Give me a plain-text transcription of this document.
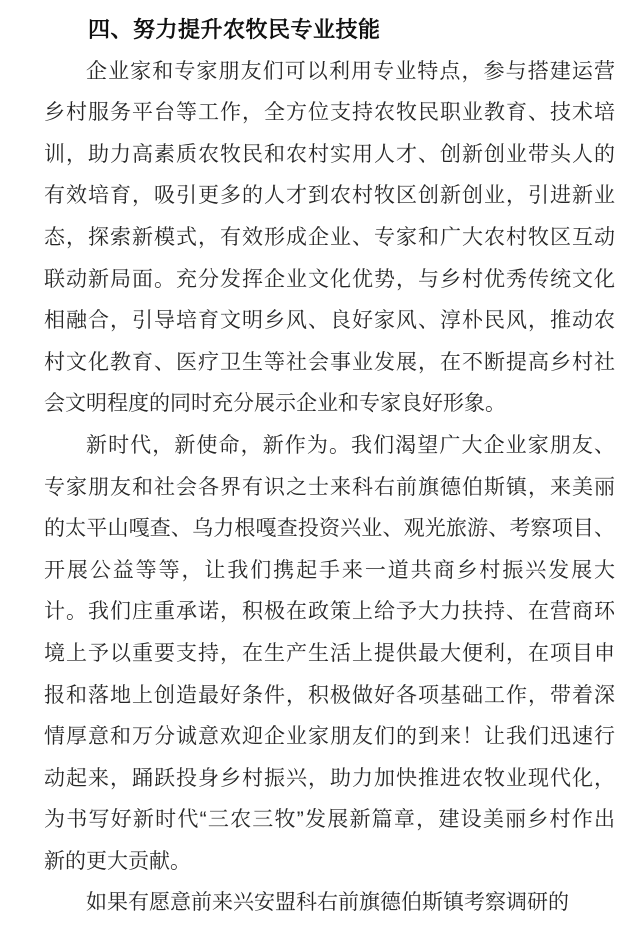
四、努力提升农牧民专业技能
企业家和专家朋友们可以利用专业特点，参与搭建运营
乡村服务平台等工作，全方位支持农牧民职业教育、技术培
训，助力高素质农牧民和农村实用人才、创新创业带头人的
有效培育，吸引更多的人才到农村牧区创新创业，引进新业
态，探索新模式，有效形成企业、专家和广大农村牧区互动
联动新局面。充分发挥企业文化优势，与乡村优秀传统文化
相融合，引导培育文明乡风、良好家风、淳朴民风，推动农
村文化教育、医疗卫生等社会事业发展，在不断提高乡村社
会文明程度的同时充分展示企业和专家良好形象。
新时代，新使命，新作为。我们渴望广大企业家朋友、
专家朋友和社会各界有识之士来科右前旗德伯斯镇，来美丽
的太平山嘎查、乌力根嘎查投资兴业、观光旅游、考察项目、
开展公益等等，让我们携起手来一道共商乡村振兴发展大
计。我们庄重承诺，积极在政策上给予大力扶持、在营商环
境上予以重要支持，在生产生活上提供最大便利，在项目申
报和落地上创造最好条件，积极做好各项基础工作，带着深
情厚意和万分诚意欢迎企业家朋友们的到来！让我们迅速行
动起来，踊跃投身乡村振兴，助力加快推进农牧业现代化，
为书写好新时代“三农三牧”发展新篇章，建设美丽乡村作出
新的更大贡献。
如果有愿意前来兴安盟科右前旗德伯斯镇考察调研的
